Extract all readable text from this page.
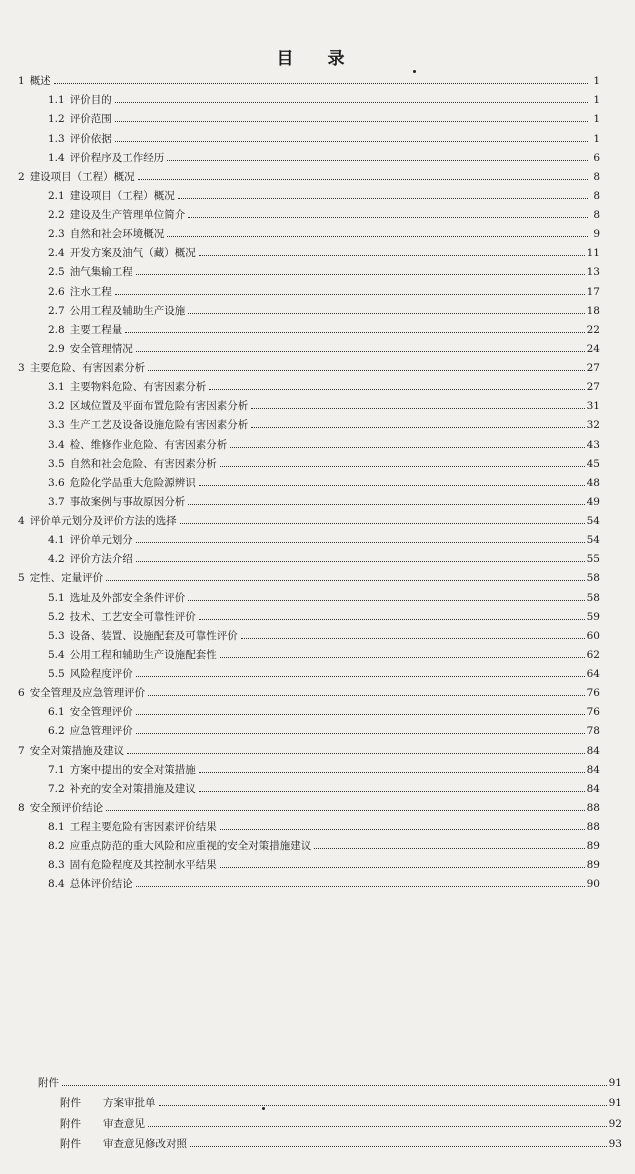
目 录
1 概述	1
1.1 评价目的	1
1.2 评价范围	1
1.3 评价依据	1
1.4 评价程序及工作经历	6
2 建设项目（工程）概况	8
2.1 建设项目（工程）概况	8
2.2 建设及生产管理单位简介	8
2.3 自然和社会环境概况	9
2.4 开发方案及油气（藏）概况	11
2.5 油气集输工程	13
2.6 注水工程	17
2.7 公用工程及辅助生产设施	18
2.8 主要工程量	22
2.9 安全管理情况	24
3 主要危险、有害因素分析	27
3.1 主要物料危险、有害因素分析	27
3.2 区域位置及平面布置危险有害因素分析	31
3.3 生产工艺及设备设施危险有害因素分析	32
3.4 检、维修作业危险、有害因素分析	43
3.5 自然和社会危险、有害因素分析	45
3.6 危险化学品重大危险源辨识	48
3.7 事故案例与事故原因分析	49
4 评价单元划分及评价方法的选择	54
4.1 评价单元划分	54
4.2 评价方法介绍	55
5 定性、定量评价	58
5.1 选址及外部安全条件评价	58
5.2 技术、工艺安全可靠性评价	59
5.3 设备、装置、设施配套及可靠性评价	60
5.4 公用工程和辅助生产设施配套性	62
5.5 风险程度评价	64
6 安全管理及应急管理评价	76
6.1 安全管理评价	76
6.2 应急管理评价	78
7 安全对策措施及建议	84
7.1 方案中提出的安全对策措施	84
7.2 补充的安全对策措施及建议	84
8 安全预评价结论	88
8.1 工程主要危险有害因素评价结果	88
8.2 应重点防范的重大风险和应重视的安全对策措施建议	89
8.3 固有危险程度及其控制水平结果	89
8.4 总体评价结论	90
附件	91
附件 方案审批单	91
附件 审查意见	92
附件 审查意见修改对照	93
